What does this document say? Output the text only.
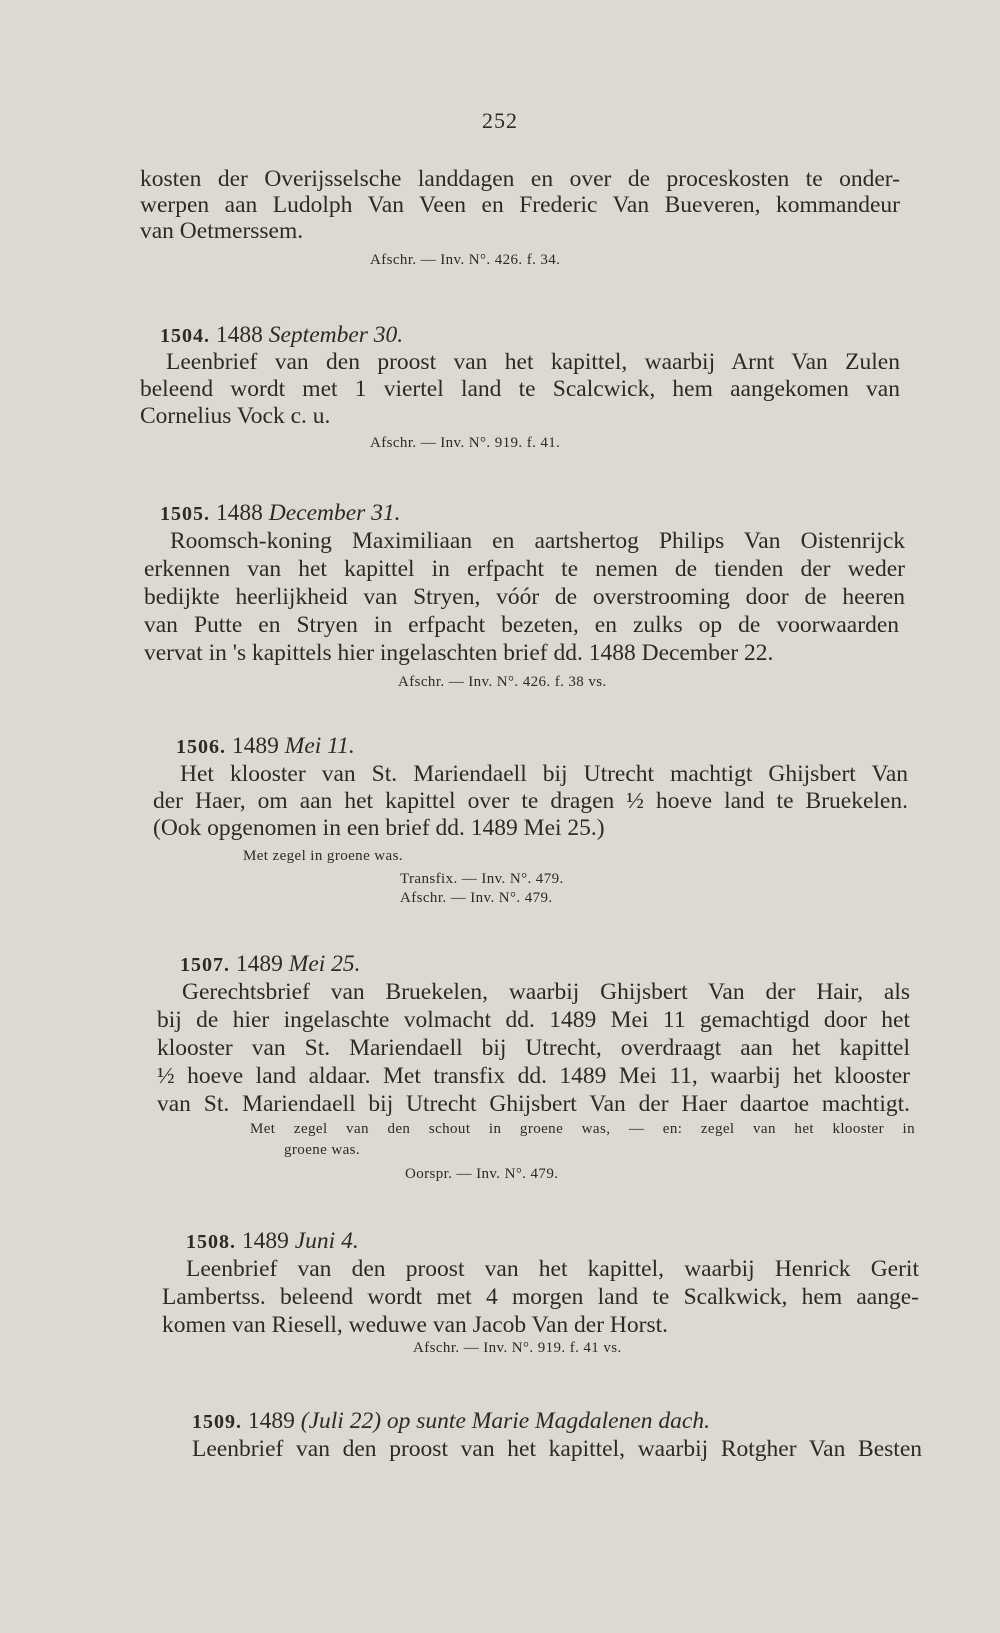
252
kosten der Overijsselsche landdagen en over de proceskosten te onder-
werpen aan Ludolph Van Veen en Frederic Van Bueveren, kommandeur
van Oetmerssem.
Afschr. — Inv. N°. 426. f. 34.
1504. 1488 September 30.
Leenbrief van den proost van het kapittel, waarbij Arnt Van Zulen
beleend wordt met 1 viertel land te Scalcwick, hem aangekomen van
Cornelius Vock c. u.
Afschr. — Inv. N°. 919. f. 41.
1505. 1488 December 31.
Roomsch-koning Maximiliaan en aartshertog Philips Van Oistenrijck
erkennen van het kapittel in erfpacht te nemen de tienden der weder
bedijkte heerlijkheid van Stryen, vóór de overstrooming door de heeren
van Putte en Stryen in erfpacht bezeten, en zulks op de voorwaarden
vervat in 's kapittels hier ingelaschten brief dd. 1488 December 22.
Afschr. — Inv. N°. 426. f. 38 vs.
1506. 1489 Mei 11.
Het klooster van St. Mariendaell bij Utrecht machtigt Ghijsbert Van
der Haer, om aan het kapittel over te dragen ½ hoeve land te Bruekelen.
(Ook opgenomen in een brief dd. 1489 Mei 25.)
Met zegel in groene was.
Transfix. — Inv. N°. 479.
Afschr. — Inv. N°. 479.
1507. 1489 Mei 25.
Gerechtsbrief van Bruekelen, waarbij Ghijsbert Van der Hair, als
bij de hier ingelaschte volmacht dd. 1489 Mei 11 gemachtigd door het
klooster van St. Mariendaell bij Utrecht, overdraagt aan het kapittel
½ hoeve land aldaar. Met transfix dd. 1489 Mei 11, waarbij het klooster
van St. Mariendaell bij Utrecht Ghijsbert Van der Haer daartoe machtigt.
Met zegel van den schout in groene was, — en: zegel van het klooster in
groene was.
Oorspr. — Inv. N°. 479.
1508. 1489 Juni 4.
Leenbrief van den proost van het kapittel, waarbij Henrick Gerit
Lambertss. beleend wordt met 4 morgen land te Scalkwick, hem aange-
komen van Riesell, weduwe van Jacob Van der Horst.
Afschr. — Inv. N°. 919. f. 41 vs.
1509. 1489 (Juli 22) op sunte Marie Magdalenen dach.
Leenbrief van den proost van het kapittel, waarbij Rotgher Van Besten
